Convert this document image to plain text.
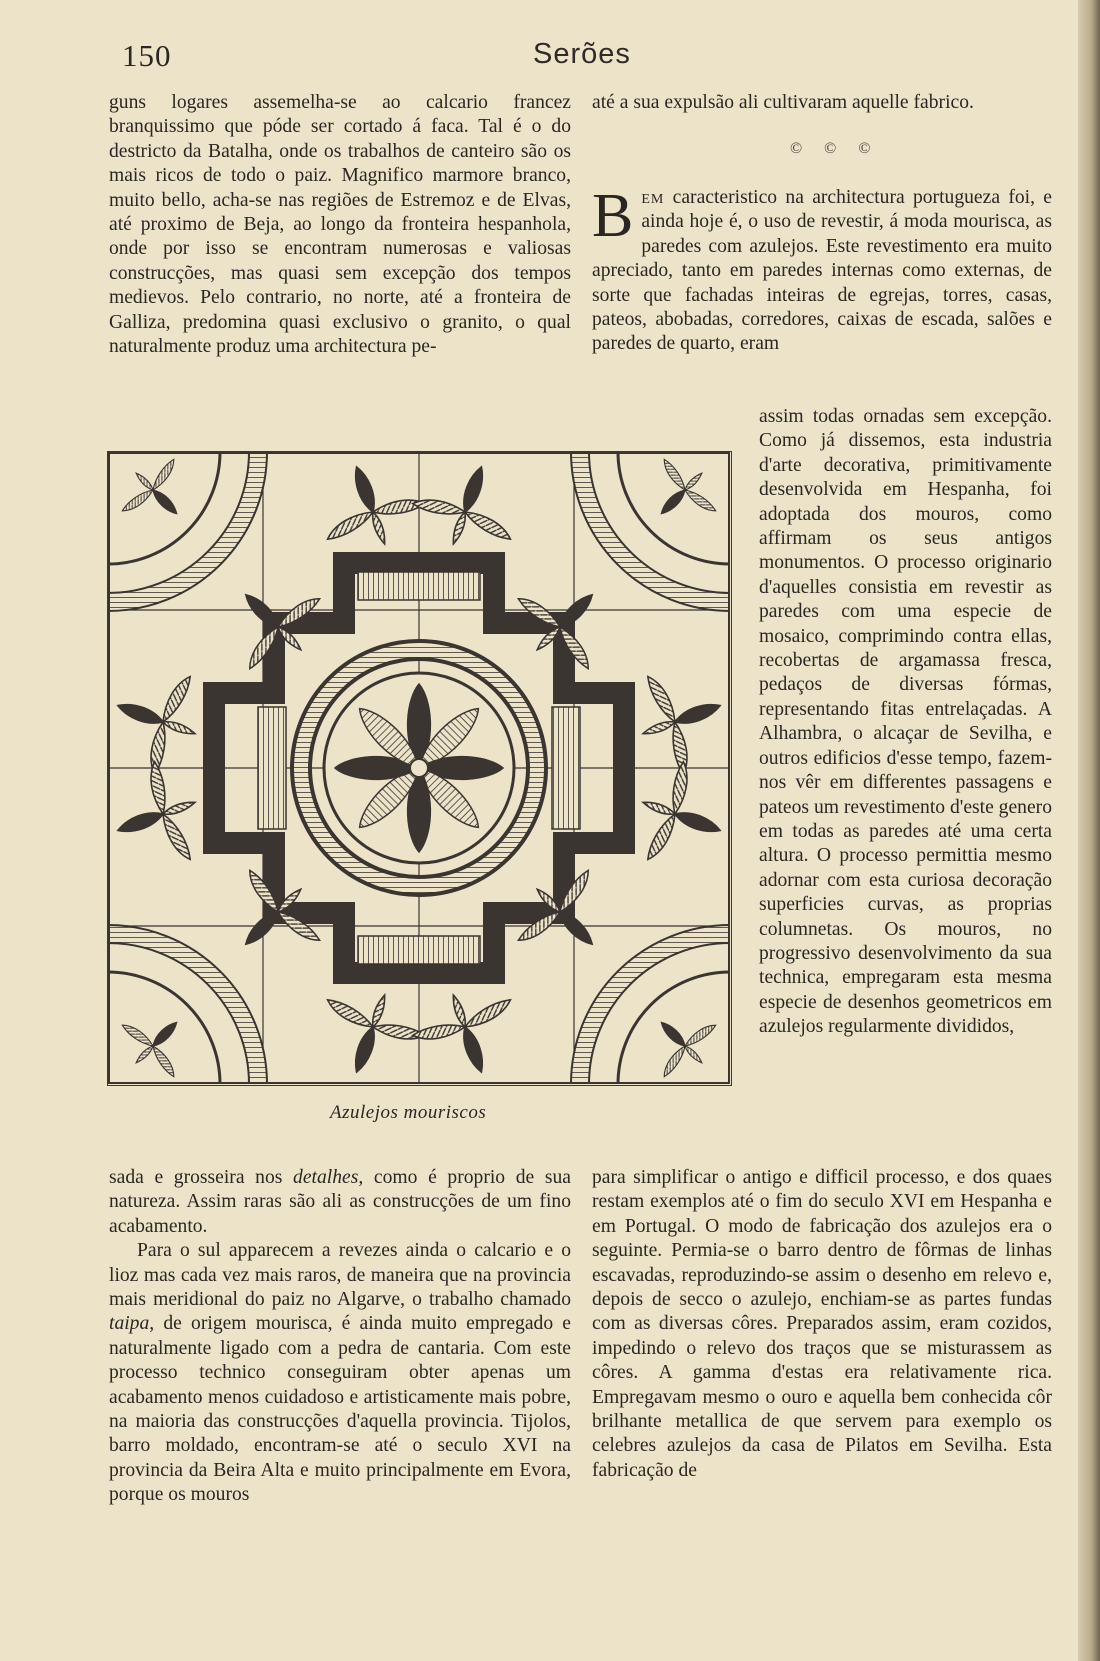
150	Serões

guns logares assemelha-se ao calcario francez branquissimo que póde ser cortado á faca. Tal é o do destricto da Batalha, onde os trabalhos de canteiro são os mais ricos de todo o paiz. Magnifico marmore branco, muito bello, acha-se nas regiões de Estremoz e de Elvas, até proximo de Beja, ao longo da fronteira hespanhola, onde por isso se encontram numerosas e valiosas construcções, mas quasi sem excepção dos tempos medievos. Pelo contrario, no norte, até a fronteira de Galliza, predomina quasi exclusivo o granito, o qual naturalmente produz uma architectura pe-

Azulejos mouriscos

sada e grosseira nos detalhes, como é proprio de sua natureza. Assim raras são ali as construcções de um fino acabamento.

Para o sul apparecem a revezes ainda o calcario e o lioz mas cada vez mais raros, de maneira que na provincia mais meridional do paiz no Algarve, o trabalho chamado taipa, de origem mourisca, é ainda muito empregado e naturalmente ligado com a pedra de cantaria. Com este processo technico conseguiram obter apenas um acabamento menos cuidadoso e artisticamente mais pobre, na maioria das construcções d'aquella provincia. Tijolos, barro moldado, encontram-se até o seculo XVI na provincia da Beira Alta e muito principalmente em Evora, porque os mouros

até a sua expulsão ali cultivaram aquelle fabrico.

© © ©

Bem caracteristico na architectura portugueza foi, e ainda hoje é, o uso de revestir, á moda mourisca, as paredes com azulejos. Este revestimento era muito apreciado, tanto em paredes internas como externas, de sorte que fachadas inteiras de egrejas, torres, casas, pateos, abobadas, corredores, caixas de escada, salões e paredes de quarto, eram

assim todas ornadas sem excepção. Como já dissemos, esta industria d'arte decorativa, primitivamente desenvolvida em Hespanha, foi adoptada dos mouros, como affirmam os seus antigos monumentos. O processo originario d'aquelles consistia em revestir as paredes com uma especie de mosaico, comprimindo contra ellas, recobertas de argamassa fresca, pedaços de diversas fórmas, representando fitas entrelaçadas. A Alhambra, o alcaçar de Sevilha, e outros edificios d'esse tempo, fazem-nos vêr em differentes passagens e pateos um revestimento d'este genero em todas as paredes até uma certa altura. O processo permittia mesmo adornar com esta curiosa decoração superficies curvas, as proprias columnetas. Os mouros, no progressivo desenvolvimento da sua technica, empregaram esta mesma especie de desenhos geometricos em azulejos regularmente divididos,

para simplificar o antigo e difficil processo, e dos quaes restam exemplos até o fim do seculo XVI em Hespanha e em Portugal. O modo de fabricação dos azulejos era o seguinte. Permia-se o barro dentro de fôrmas de linhas escavadas, reproduzindo-se assim o desenho em relevo e, depois de secco o azulejo, enchiam-se as partes fundas com as diversas côres. Preparados assim, eram cozidos, impedindo o relevo dos traços que se misturassem as côres. A gamma d'estas era relativamente rica. Empregavam mesmo o ouro e aquella bem conhecida côr brilhante metallica de que servem para exemplo os celebres azulejos da casa de Pilatos em Sevilha. Esta fabricação de
